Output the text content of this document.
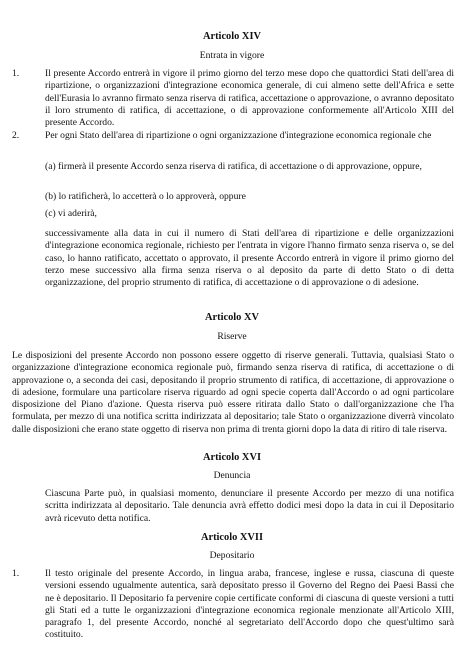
Articolo XIV
Entrata in vigore
1.	Il presente Accordo entrerà in vigore il primo giorno del terzo mese dopo che quattordici Stati dell'area di ripartizione, o organizzazioni d'integrazione economica generale, di cui almeno sette dell'Africa e sette dell'Eurasia lo avranno firmato senza riserva di ratifica, accettazione o approvazione, o avranno depositato il loro strumento di ratifica, di accettazione, o di approvazione conformemente all'Articolo XIII del presente Accordo.
2.	Per ogni Stato dell'area di ripartizione o ogni organizzazione d'integrazione economica regionale che
(a) firmerà il presente Accordo senza riserva di ratifica, di accettazione o di approvazione, oppure,
(b) lo ratificherà, lo accetterà o lo approverà, oppure
(c) vi aderirà,
successivamente alla data in cui il numero di Stati dell'area di ripartizione e delle organizzazioni d'integrazione economica regionale, richiesto per l'entrata in vigore l'hanno firmato senza riserva o, se del caso, lo hanno ratificato, accettato o approvato, il presente Accordo entrerà in vigore il primo giorno del terzo mese successivo alla firma senza riserva o al deposito da parte di detto Stato o di detta organizzazione, del proprio strumento di ratifica, di accettazione o di approvazione o di adesione.
Articolo XV
Riserve
Le disposizioni del presente Accordo non possono essere oggetto di riserve generali. Tuttavia, qualsiasi Stato o organizzazione d'integrazione economica regionale può, firmando senza riserva di ratifica, di accettazione o di approvazione o, a seconda dei casi, depositando il proprio strumento di ratifica, di accettazione, di approvazione o di adesione, formulare una particolare riserva riguardo ad ogni specie coperta dall'Accordo o ad ogni particolare disposizione del Piano d'azione. Questa riserva può essere ritirata dallo Stato o dall'organizzazione che l'ha formulata, per mezzo di una notifica scritta indirizzata al depositario; tale Stato o organizzazione diverrà vincolato dalle disposizioni che erano state oggetto di riserva non prima di trenta giorni dopo la data di ritiro di tale riserva.
Articolo XVI
Denuncia
Ciascuna Parte può, in qualsiasi momento, denunciare il presente Accordo per mezzo di una notifica scritta indirizzata al depositario. Tale denuncia avrà effetto dodici mesi dopo la data in cui il Depositario avrà ricevuto detta notifica.
Articolo XVII
Depositario
1.	Il testo originale del presente Accordo, in lingua araba, francese, inglese e russa, ciascuna di queste versioni essendo ugualmente autentica, sarà depositato presso il Governo del Regno dei Paesi Bassi che ne è depositario. Il Depositario fa pervenire copie certificate conformi di ciascuna di queste versioni a tutti gli Stati ed a tutte le organizzazioni d'integrazione economica regionale menzionate all'Articolo XIII, paragrafo 1, del presente Accordo, nonché al segretariato dell'Accordo dopo che quest'ultimo sarà costituito.
